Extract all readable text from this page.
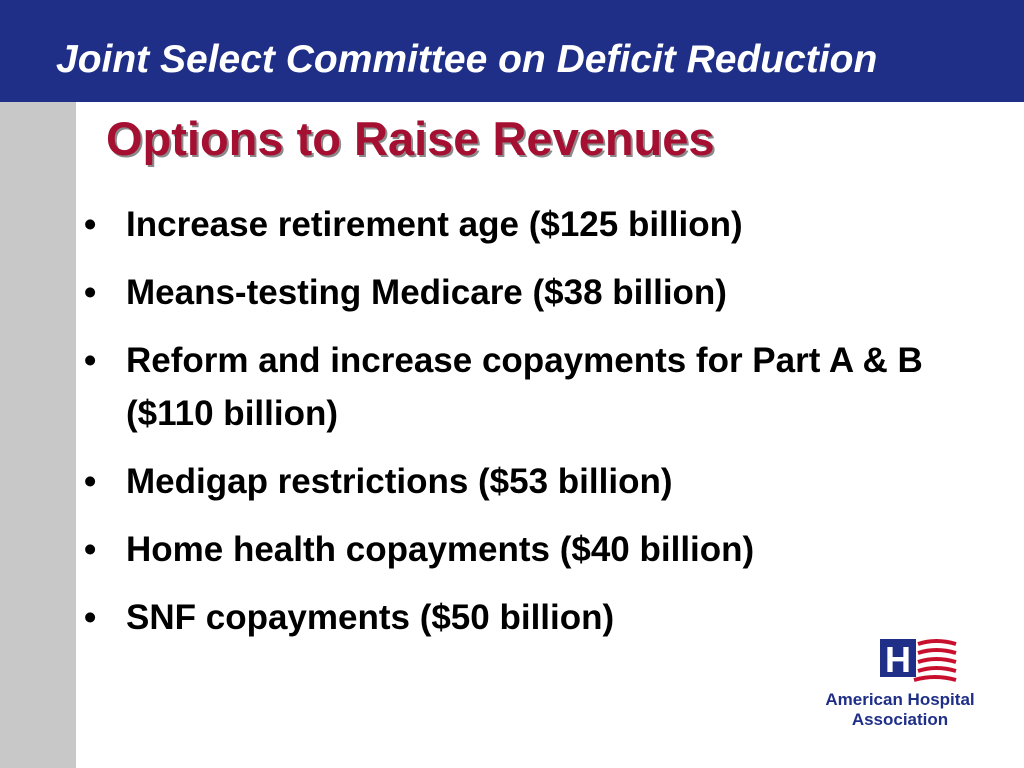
Joint Select Committee on Deficit Reduction
Options to Raise Revenues
• Increase retirement age ($125 billion)
• Means-testing Medicare ($38 billion)
• Reform and increase copayments for Part A & B ($110 billion)
• Medigap restrictions ($53 billion)
• Home health copayments ($40 billion)
• SNF copayments ($50 billion)
H
American Hospital
Association
